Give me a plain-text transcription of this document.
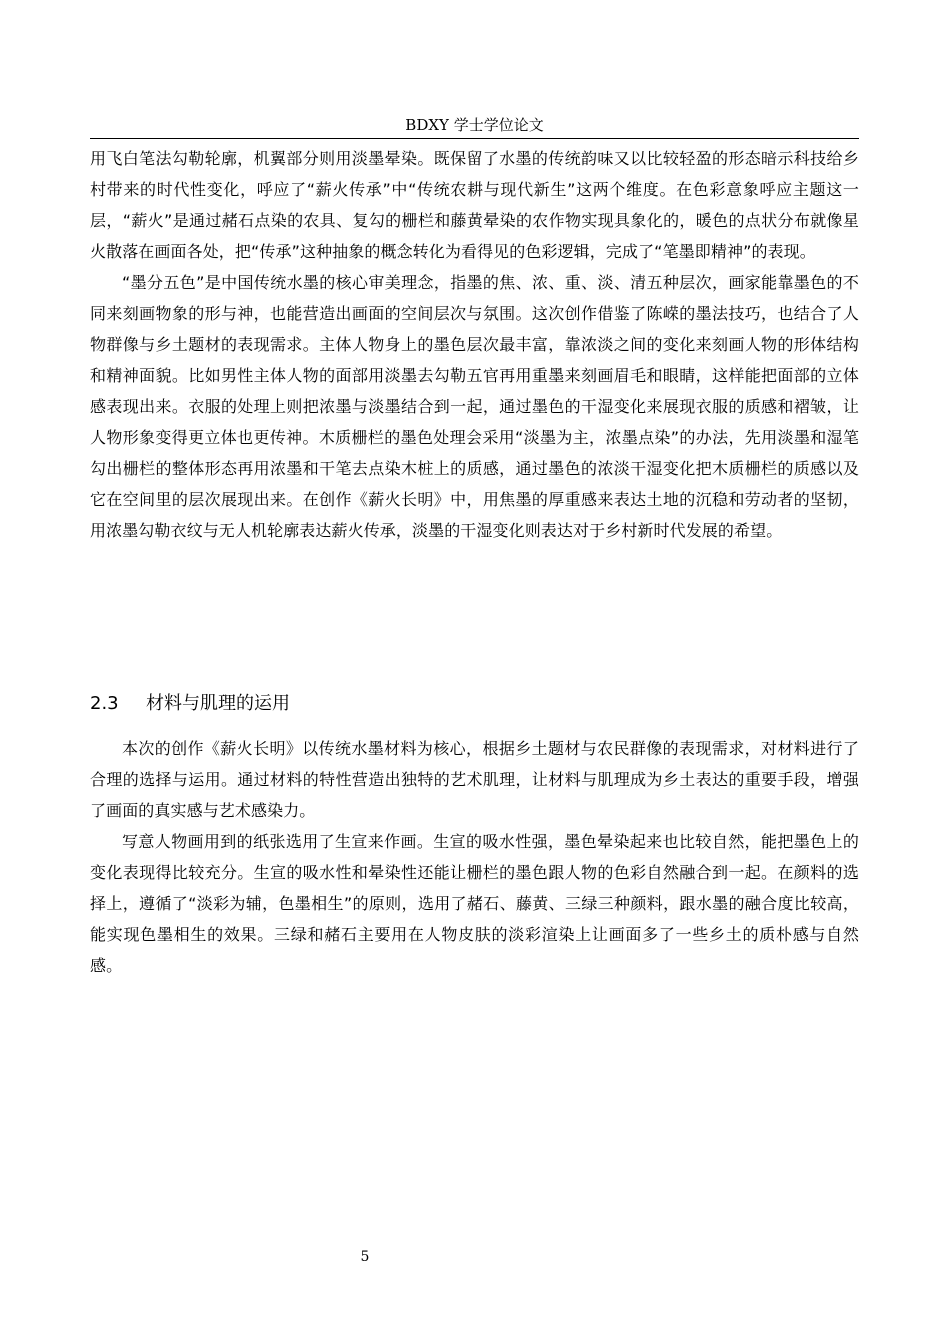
BDXY 学士学位论文

用飞白笔法勾勒轮廓，机翼部分则用淡墨晕染。既保留了水墨的传统韵味又以比较轻盈的形态暗示科技给乡村带来的时代性变化，呼应了“薪火传承”中“传统农耕与现代新生”这两个维度。在色彩意象呼应主题这一层，“薪火”是通过赭石点染的农具、复勾的栅栏和藤黄晕染的农作物实现具象化的，暖色的点状分布就像星火散落在画面各处，把“传承”这种抽象的概念转化为看得见的色彩逻辑，完成了“笔墨即精神”的表现。

“墨分五色”是中国传统水墨的核心审美理念，指墨的焦、浓、重、淡、清五种层次，画家能靠墨色的不同来刻画物象的形与神，也能营造出画面的空间层次与氛围。这次创作借鉴了陈嵘的墨法技巧，也结合了人物群像与乡土题材的表现需求。主体人物身上的墨色层次最丰富，靠浓淡之间的变化来刻画人物的形体结构和精神面貌。比如男性主体人物的面部用淡墨去勾勒五官再用重墨来刻画眉毛和眼睛，这样能把面部的立体感表现出来。衣服的处理上则把浓墨与淡墨结合到一起，通过墨色的干湿变化来展现衣服的质感和褶皱，让人物形象变得更立体也更传神。木质栅栏的墨色处理会采用“淡墨为主，浓墨点染”的办法，先用淡墨和湿笔勾出栅栏的整体形态再用浓墨和干笔去点染木桩上的质感，通过墨色的浓淡干湿变化把木质栅栏的质感以及它在空间里的层次展现出来。在创作《薪火长明》中，用焦墨的厚重感来表达土地的沉稳和劳动者的坚韧，用浓墨勾勒衣纹与无人机轮廓表达薪火传承，淡墨的干湿变化则表达对于乡村新时代发展的希望。

2.3 材料与肌理的运用

本次的创作《薪火长明》以传统水墨材料为核心，根据乡土题材与农民群像的表现需求，对材料进行了合理的选择与运用。通过材料的特性营造出独特的艺术肌理，让材料与肌理成为乡土表达的重要手段，增强了画面的真实感与艺术感染力。

写意人物画用到的纸张选用了生宣来作画。生宣的吸水性强，墨色晕染起来也比较自然，能把墨色上的变化表现得比较充分。生宣的吸水性和晕染性还能让栅栏的墨色跟人物的色彩自然融合到一起。在颜料的选择上，遵循了“淡彩为辅，色墨相生”的原则，选用了赭石、藤黄、三绿三种颜料，跟水墨的融合度比较高，能实现色墨相生的效果。三绿和赭石主要用在人物皮肤的淡彩渲染上让画面多了一些乡土的质朴感与自然感。

5
